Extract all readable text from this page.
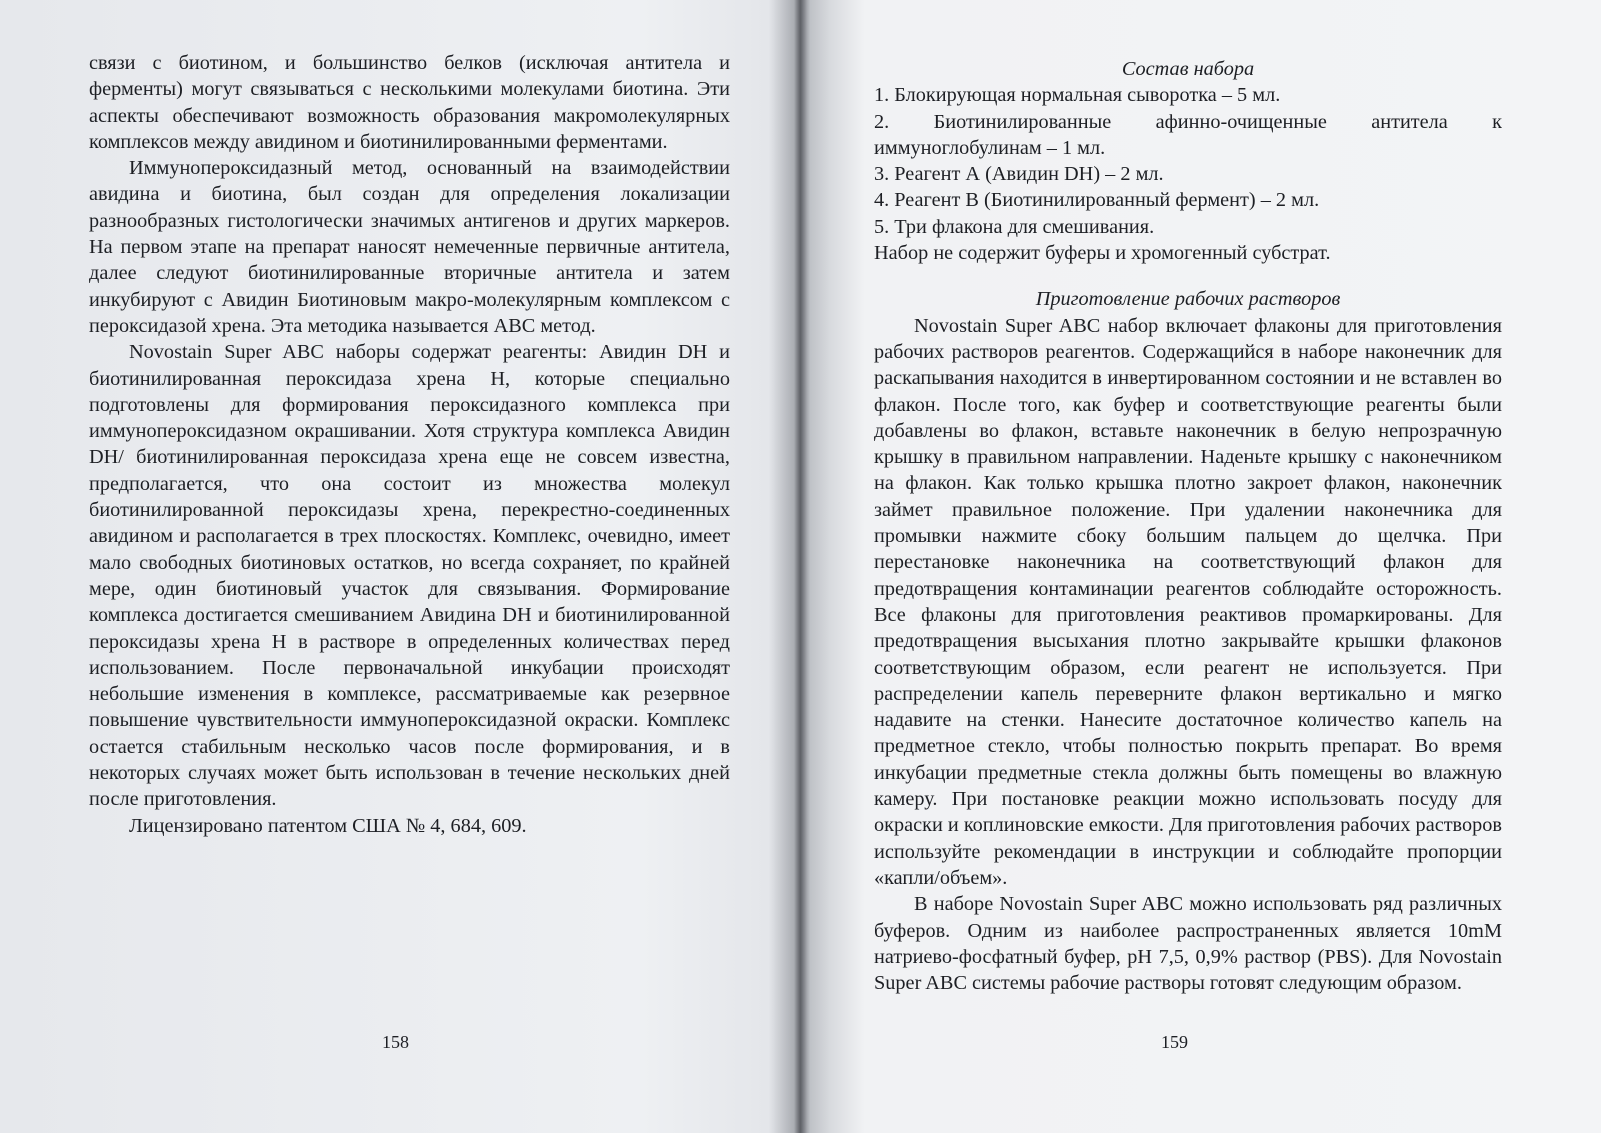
связи с биотином, и большинство белков (исключая антитела и ферменты) могут связываться с несколькими молекулами биотина. Эти аспекты обеспечивают возможность образования макромолекулярных комплексов между авидином и биотинилированными ферментами.

Иммунопероксидазный метод, основанный на взаимодействии авидина и биотина, был создан для определения локализации разнообразных гистологически значимых антигенов и других маркеров. На первом этапе на препарат наносят немеченные первичные антитела, далее следуют биотинилированные вторичные антитела и затем инкубируют с Авидин Биотиновым макро-молекулярным комплексом с пероксидазой хрена. Эта методика называется ABC метод.

Novostain Super ABC наборы содержат реагенты: Авидин DH и биотинилированная пероксидаза хрена H, которые специально подготовлены для формирования пероксидазного комплекса при иммунопероксидазном окрашивании. Хотя структура комплекса Авидин DH/ биотинилированная пероксидаза хрена еще не совсем известна, предполагается, что она состоит из множества молекул биотинилированной пероксидазы хрена, перекрестно-соединенных авидином и располагается в трех плоскостях. Комплекс, очевидно, имеет мало свободных биотиновых остатков, но всегда сохраняет, по крайней мере, один биотиновый участок для связывания. Формирование комплекса достигается смешиванием Авидина DH и биотинилированной пероксидазы хрена H в растворе в определенных количествах перед использованием. После первоначальной инкубации происходят небольшие изменения в комплексе, рассматриваемые как резервное повышение чувствительности иммунопероксидазной окраски. Комплекс остается стабильным несколько часов после формирования, и в некоторых случаях может быть использован в течение нескольких дней после приготовления.

Лицензировано патентом США № 4, 684, 609.

158

Состав набора

1. Блокирующая нормальная сыворотка – 5 мл.

2. Биотинилированные афинно-очищенные антитела к иммуноглобулинам – 1 мл.

3. Реагент А (Авидин DH) – 2 мл.

4. Реагент В (Биотинилированный фермент) – 2 мл.

5. Три флакона для смешивания.

Набор не содержит буферы и хромогенный субстрат.

Приготовление рабочих растворов

Novostain Super ABC набор включает флаконы для приготовления рабочих растворов реагентов. Содержащийся в наборе наконечник для раскапывания находится в инвертированном состоянии и не вставлен во флакон. После того, как буфер и соответствующие реагенты были добавлены во флакон, вставьте наконечник в белую непрозрачную крышку в правильном направлении. Наденьте крышку с наконечником на флакон. Как только крышка плотно закроет флакон, наконечник займет правильное положение. При удалении наконечника для промывки нажмите сбоку большим пальцем до щелчка. При перестановке наконечника на соответствующий флакон для предотвращения контаминации реагентов соблюдайте осторожность. Все флаконы для приготовления реактивов промаркированы. Для предотвращения высыхания плотно закрывайте крышки флаконов соответствующим образом, если реагент не используется. При распределении капель переверните флакон вертикально и мягко надавите на стенки. Нанесите достаточное количество капель на предметное стекло, чтобы полностью покрыть препарат. Во время инкубации предметные стекла должны быть помещены во влажную камеру. При постановке реакции можно использовать посуду для окраски и коплиновские емкости. Для приготовления рабочих растворов используйте рекомендации в инструкции и соблюдайте пропорции «капли/объем».

В наборе Novostain Super ABC можно использовать ряд различных буферов. Одним из наиболее распространенных является 10mM натриево-фосфатный буфер, pH 7,5, 0,9% раствор (PBS). Для Novostain Super ABC системы рабочие растворы готовят следующим образом.

159
